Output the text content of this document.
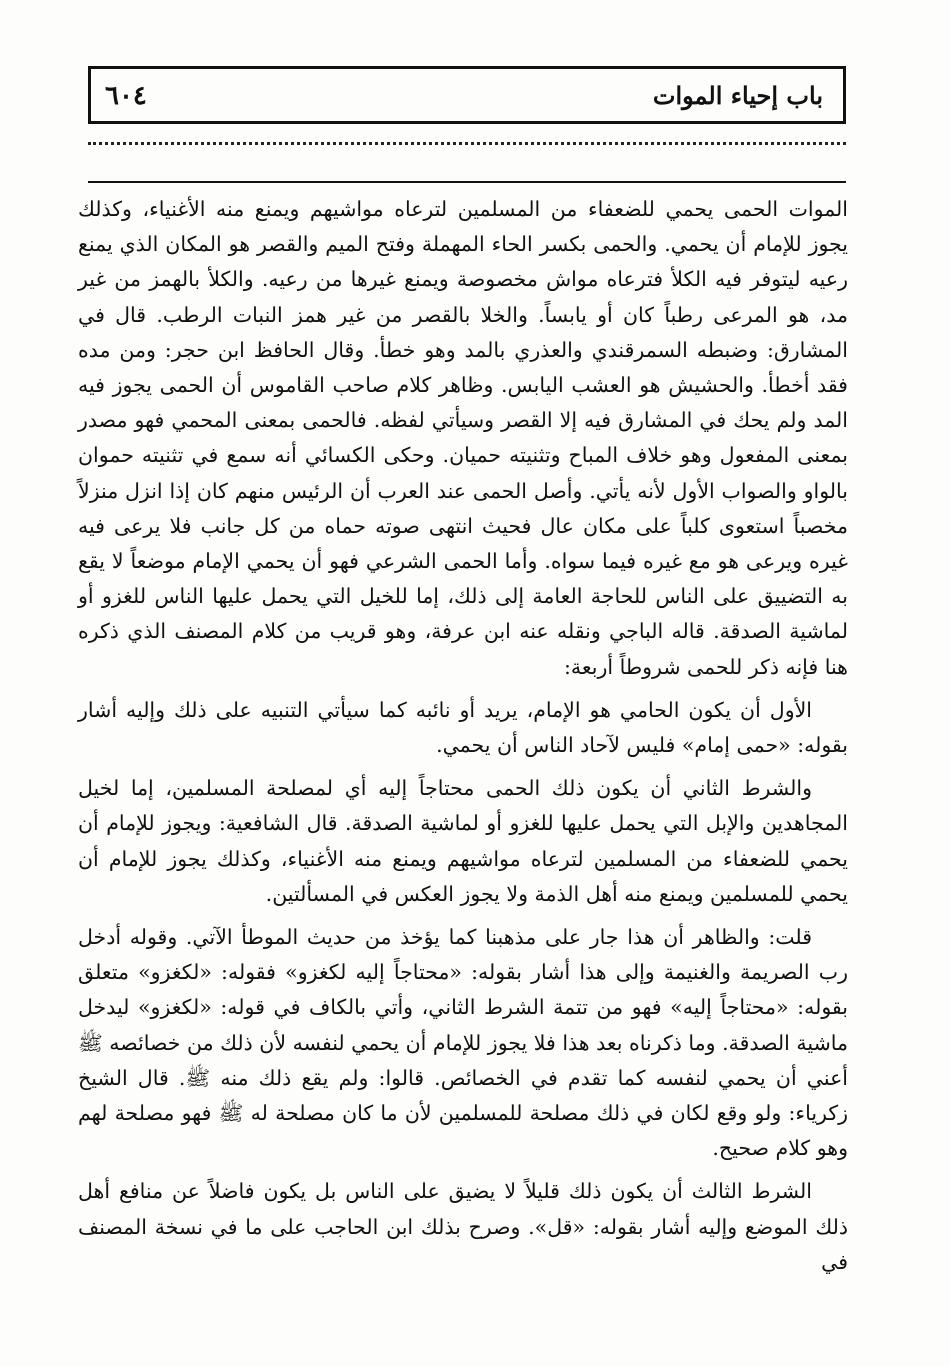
باب إحياء الموات
٦٠٤

الموات الحمى يحمي للضعفاء من المسلمين لترعاه مواشيهم ويمنع منه الأغنياء، وكذلك يجوز للإمام أن يحمي. والحمى بكسر الحاء المهملة وفتح الميم والقصر هو المكان الذي يمنع رعيه ليتوفر فيه الكلأ فترعاه مواش مخصوصة ويمنع غيرها من رعيه. والكلأ بالهمز من غير مد، هو المرعى رطباً كان أو يابساً. والخلا بالقصر من غير همز النبات الرطب. قال في المشارق: وضبطه السمرقندي والعذري بالمد وهو خطأ. وقال الحافظ ابن حجر: ومن مده فقد أخطأ. والحشيش هو العشب اليابس. وظاهر كلام صاحب القاموس أن الحمى يجوز فيه المد ولم يحك في المشارق فيه إلا القصر وسيأتي لفظه. فالحمى بمعنى المحمي فهو مصدر بمعنى المفعول وهو خلاف المباح وتثنيته حميان. وحكى الكسائي أنه سمع في تثنيته حموان بالواو والصواب الأول لأنه يأتي. وأصل الحمى عند العرب أن الرئيس منهم كان إذا انزل منزلاً مخصباً استعوى كلباً على مكان عال فحيث انتهى صوته حماه من كل جانب فلا يرعى فيه غيره ويرعى هو مع غيره فيما سواه. وأما الحمى الشرعي فهو أن يحمي الإمام موضعاً لا يقع به التضييق على الناس للحاجة العامة إلى ذلك، إما للخيل التي يحمل عليها الناس للغزو أو لماشية الصدقة. قاله الباجي ونقله عنه ابن عرفة، وهو قريب من كلام المصنف الذي ذكره هنا فإنه ذكر للحمى شروطاً أربعة:

الأول أن يكون الحامي هو الإمام، يريد أو نائبه كما سيأتي التنبيه على ذلك وإليه أشار بقوله: «حمى إمام» فليس لآحاد الناس أن يحمي.

والشرط الثاني أن يكون ذلك الحمى محتاجاً إليه أي لمصلحة المسلمين، إما لخيل المجاهدين والإبل التي يحمل عليها للغزو أو لماشية الصدقة. قال الشافعية: ويجوز للإمام أن يحمي للضعفاء من المسلمين لترعاه مواشيهم ويمنع منه الأغنياء، وكذلك يجوز للإمام أن يحمي للمسلمين ويمنع منه أهل الذمة ولا يجوز العكس في المسألتين.

قلت: والظاهر أن هذا جار على مذهبنا كما يؤخذ من حديث الموطأ الآتي. وقوله أدخل رب الصريمة والغنيمة وإلى هذا أشار بقوله: «محتاجاً إليه لكغزو» فقوله: «لكغزو» متعلق بقوله: «محتاجاً إليه» فهو من تتمة الشرط الثاني، وأتي بالكاف في قوله: «لكغزو» ليدخل ماشية الصدقة. وما ذكرناه بعد هذا فلا يجوز للإمام أن يحمي لنفسه لأن ذلك من خصائصه ﷺ أعني أن يحمي لنفسه كما تقدم في الخصائص. قالوا: ولم يقع ذلك منه ﷺ. قال الشيخ زكرياء: ولو وقع لكان في ذلك مصلحة للمسلمين لأن ما كان مصلحة له ﷺ فهو مصلحة لهم وهو كلام صحيح.

الشرط الثالث أن يكون ذلك قليلاً لا يضيق على الناس بل يكون فاضلاً عن منافع أهل ذلك الموضع وإليه أشار بقوله: «قل». وصرح بذلك ابن الحاجب على ما في نسخة المصنف في
